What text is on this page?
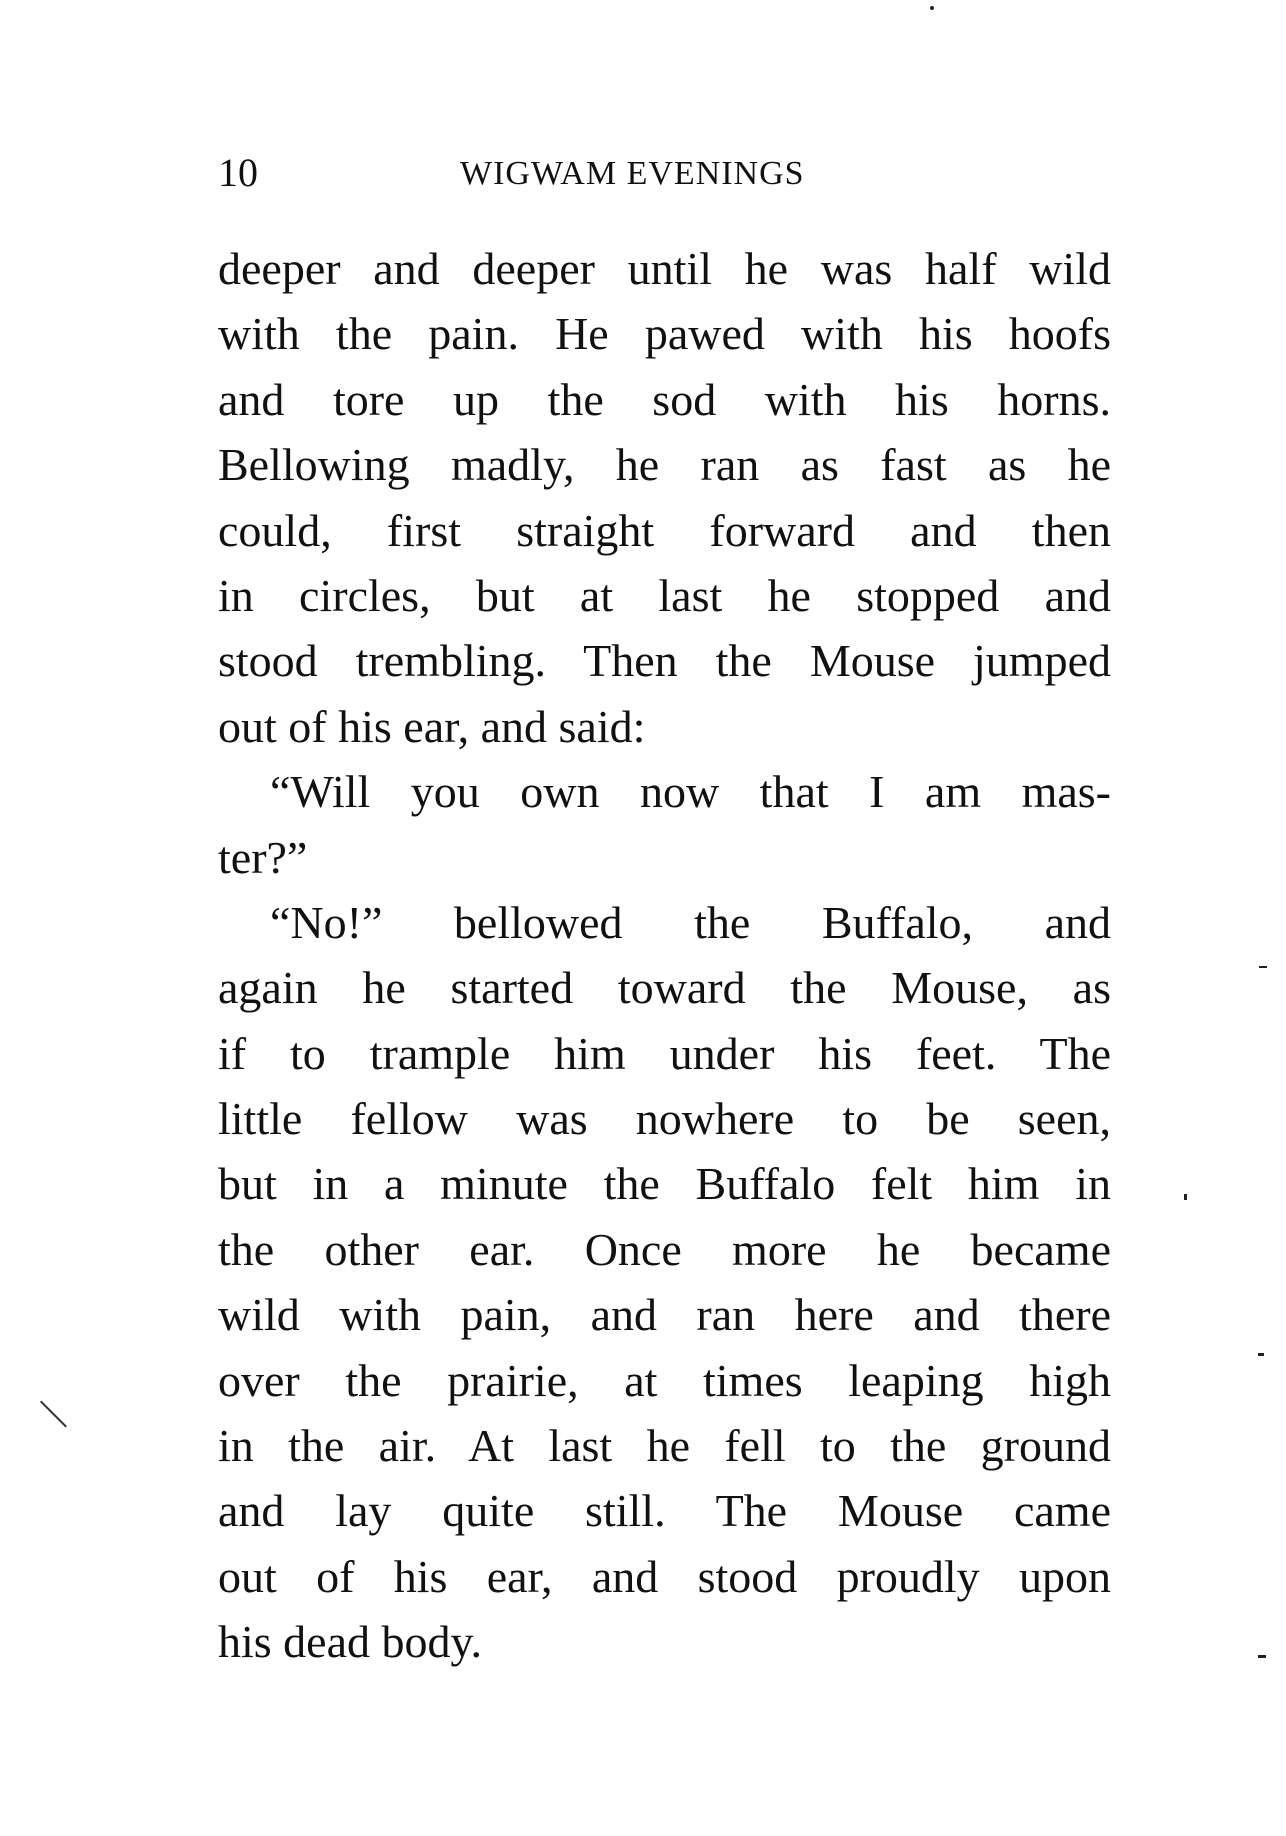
10	WIGWAM EVENINGS
deeper and deeper until he was half wild
with the pain. He pawed with his hoofs
and tore up the sod with his horns.
Bellowing madly, he ran as fast as he
could, first straight forward and then
in circles, but at last he stopped and
stood trembling. Then the Mouse jumped
out of his ear, and said:
“Will you own now that I am mas-
ter?”
“No!” bellowed the Buffalo, and
again he started toward the Mouse, as
if to trample him under his feet. The
little fellow was nowhere to be seen,
but in a minute the Buffalo felt him in
the other ear. Once more he became
wild with pain, and ran here and there
over the prairie, at times leaping high
in the air. At last he fell to the ground
and lay quite still. The Mouse came
out of his ear, and stood proudly upon
his dead body.
